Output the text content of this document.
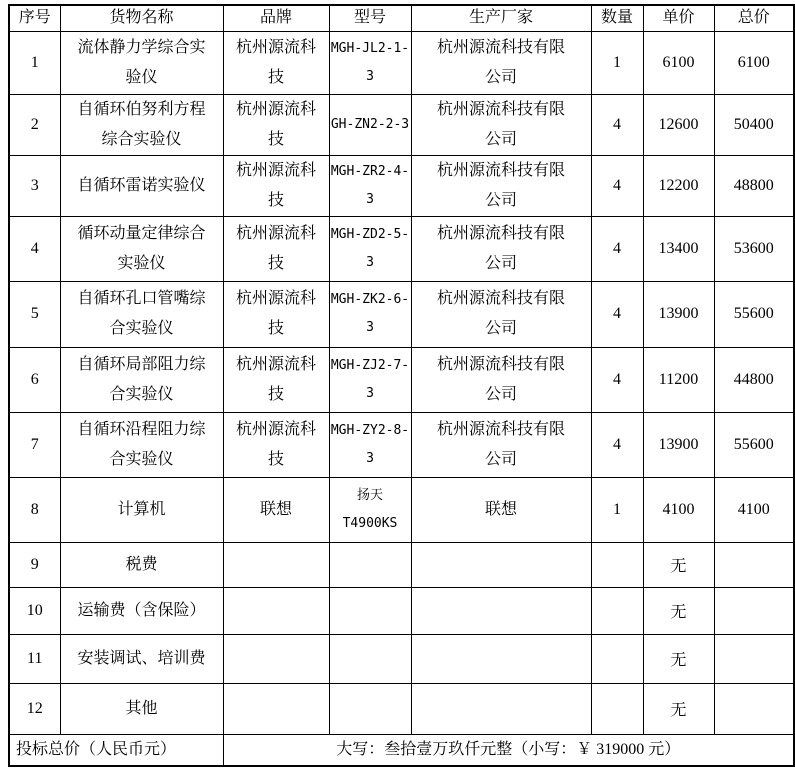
序号	货物名称	品牌	型号	生产厂家	数量	单价	总价
1	流体静力学综合实验仪	杭州源流科技	MGH-JL2-1-3	杭州源流科技有限公司	1	6100	6100
2	自循环伯努利方程综合实验仪	杭州源流科技	GH-ZN2-2-3	杭州源流科技有限公司	4	12600	50400
3	自循环雷诺实验仪	杭州源流科技	MGH-ZR2-4-3	杭州源流科技有限公司	4	12200	48800
4	循环动量定律综合实验仪	杭州源流科技	MGH-ZD2-5-3	杭州源流科技有限公司	4	13400	53600
5	自循环孔口管嘴综合实验仪	杭州源流科技	MGH-ZK2-6-3	杭州源流科技有限公司	4	13900	55600
6	自循环局部阻力综合实验仪	杭州源流科技	MGH-ZJ2-7-3	杭州源流科技有限公司	4	11200	44800
7	自循环沿程阻力综合实验仪	杭州源流科技	MGH-ZY2-8-3	杭州源流科技有限公司	4	13900	55600
8	计算机	联想	扬天 T4900KS	联想	1	4100	4100
9	税费					无	
10	运输费（含保险）					无	
11	安装调试、培训费					无	
12	其他					无	
投标总价（人民币元）		大写：叁拾壹万玖仟元整（小写：￥ 319000 元）					
